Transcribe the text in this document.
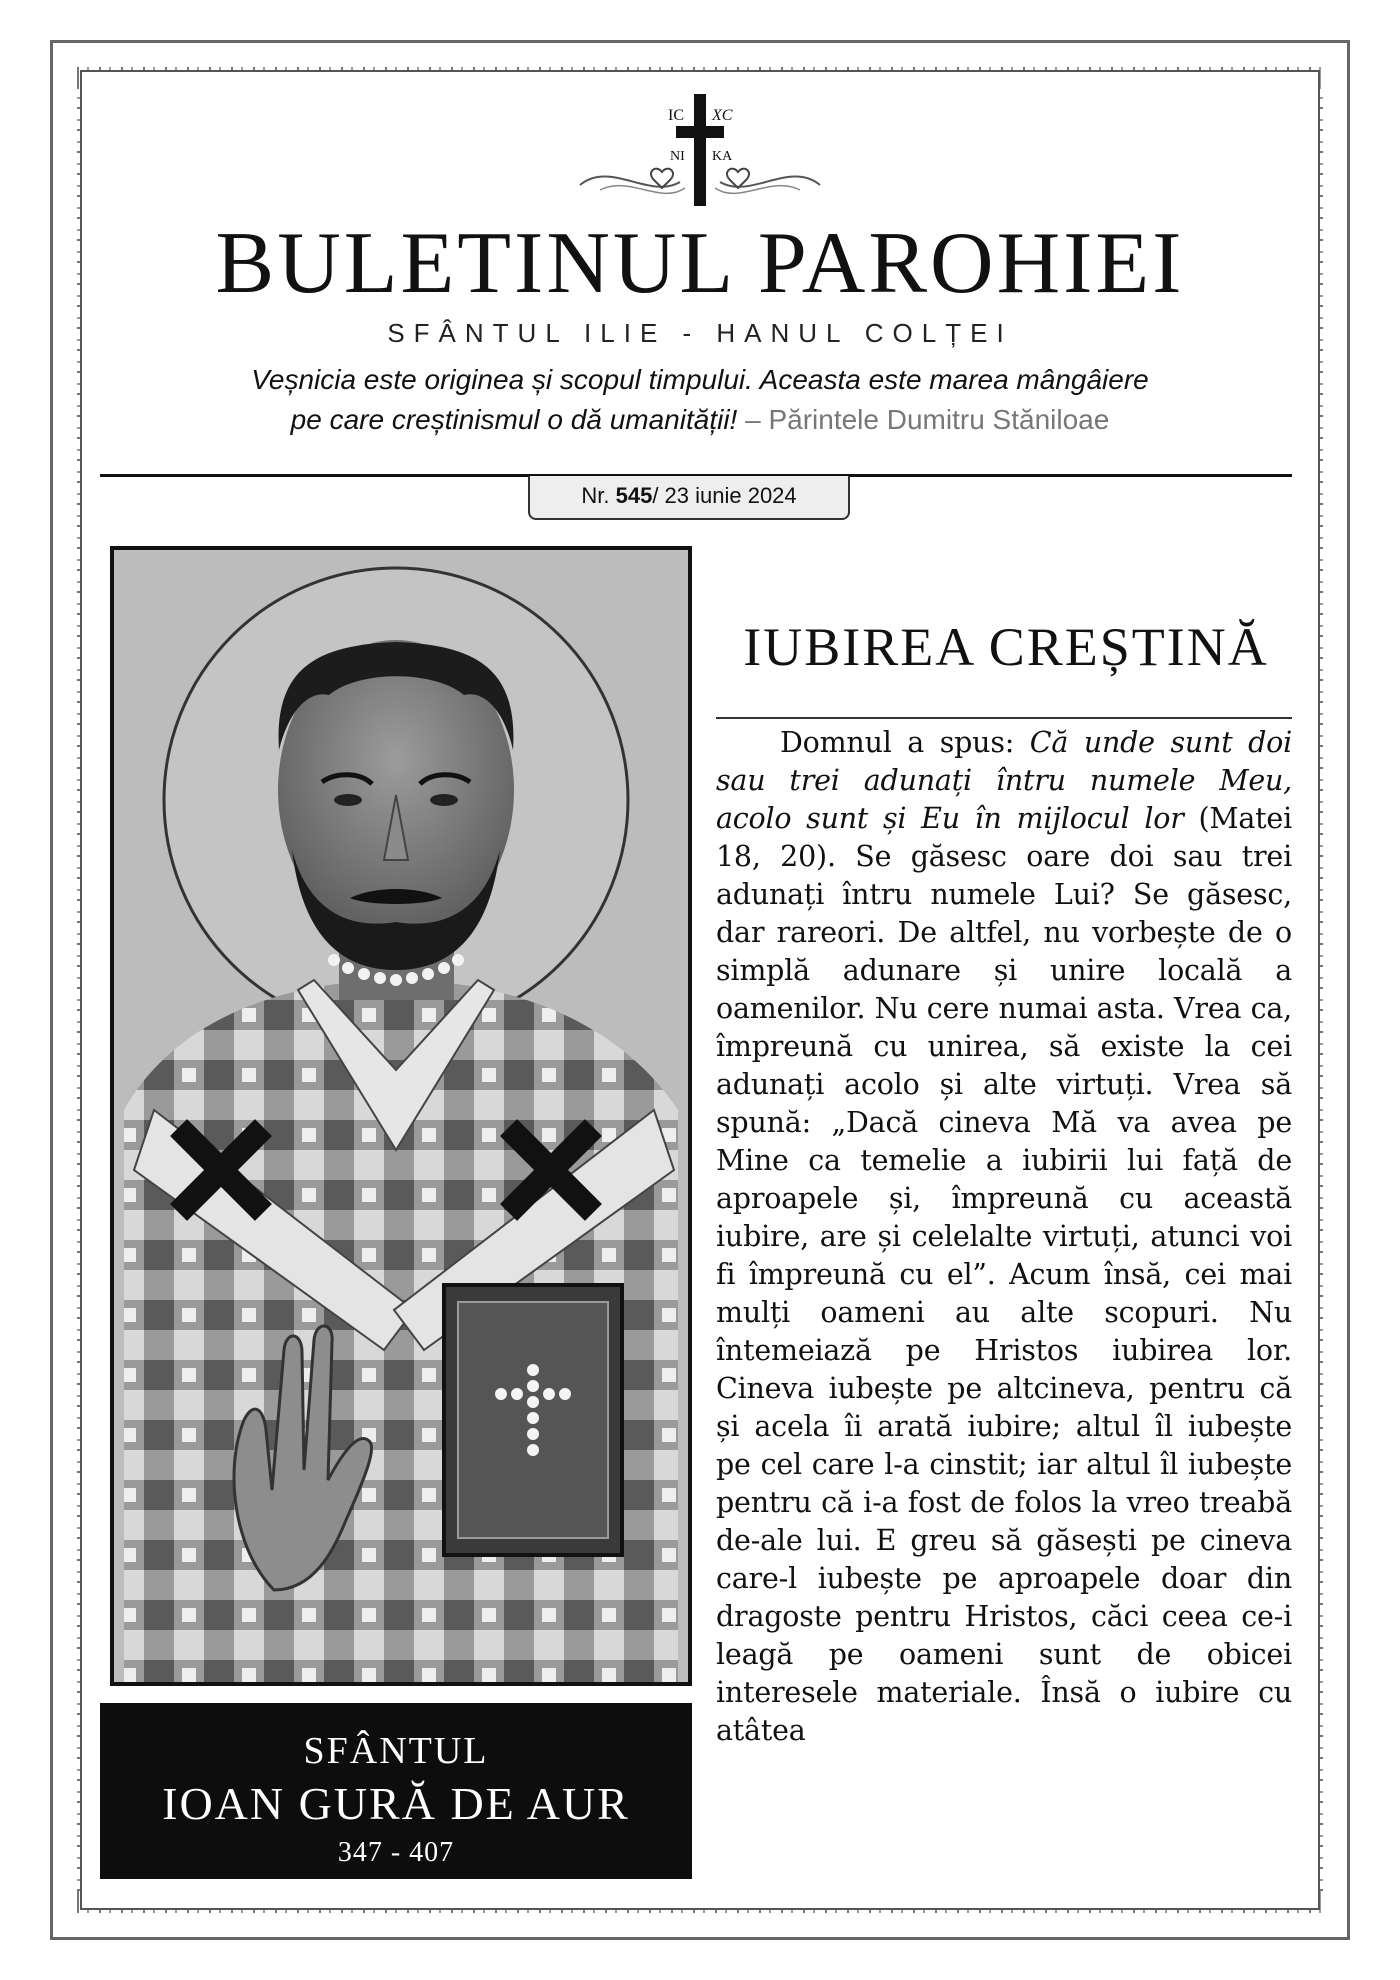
IC XC
NI KA
BULETINUL PAROHIEI
SFÂNTUL ILIE - HANUL COLȚEI
Veșnicia este originea și scopul timpului. Aceasta este marea mângâiere
pe care creștinismul o dă umanității! – Părintele Dumitru Stăniloae
Nr. 545/ 23 iunie 2024
SFÂNTUL
IOAN GURĂ DE AUR
347 - 407
IUBIREA CREȘTINĂ

Domnul a spus: Că unde sunt doi sau trei adunați întru numele Meu, acolo sunt și Eu în mijlocul lor (Matei 18, 20). Se găsesc oare doi sau trei adunați întru numele Lui? Se găsesc, dar rareori. De altfel, nu vorbește de o simplă adunare și unire locală a oamenilor. Nu cere numai asta. Vrea ca, împreună cu unirea, să existe la cei adunați acolo și alte virtuți. Vrea să spună: „Dacă cineva Mă va avea pe Mine ca temelie a iubirii lui față de aproapele și, împreună cu această iubire, are și celelalte virtuți, atunci voi fi împreună cu el”. Acum însă, cei mai mulți oameni au alte scopuri. Nu întemeiază pe Hristos iubirea lor. Cineva iubește pe altcineva, pentru că și acela îi arată iubire; altul îl iubește pe cel care l-a cinstit; iar altul îl iubește pentru că i-a fost de folos la vreo treabă de-ale lui. E greu să găsești pe cineva care-l iubește pe aproapele doar din dragoste pentru Hristos, căci ceea ce-i leagă pe oameni sunt de obicei interesele materiale. Însă o iubire cu atâtea
